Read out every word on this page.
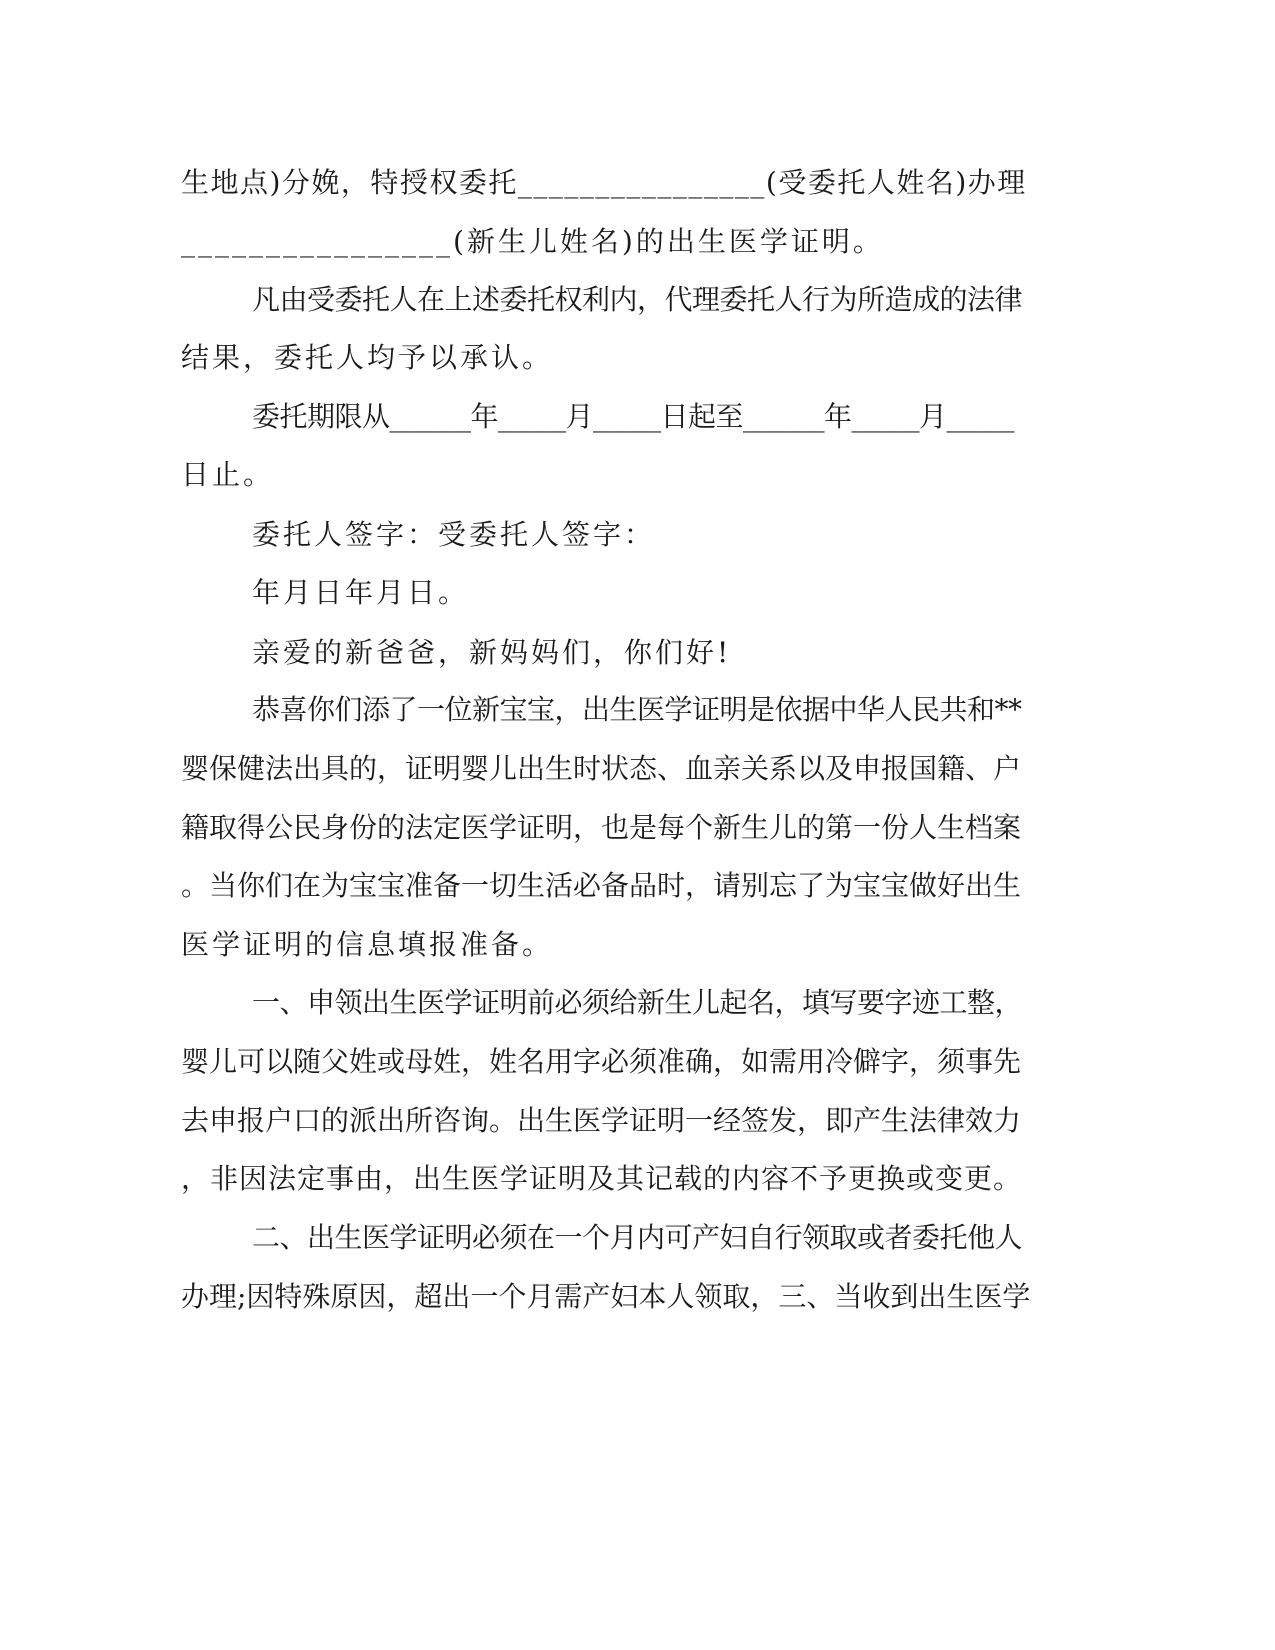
生地点)分娩，特授权委托________________(受委托人姓名)办理
________________(新生儿姓名)的出生医学证明。
凡由受委托人在上述委托权利内，代理委托人行为所造成的法律
结果，委托人均予以承认。
委托期限从______年_____月_____日起至______年_____月_____
日止。
委托人签字：受委托人签字：
年月日年月日。
亲爱的新爸爸，新妈妈们，你们好!
恭喜你们添了一位新宝宝，出生医学证明是依据中华人民共和**
婴保健法出具的，证明婴儿出生时状态、血亲关系以及申报国籍、户
籍取得公民身份的法定医学证明，也是每个新生儿的第一份人生档案
。当你们在为宝宝准备一切生活必备品时，请别忘了为宝宝做好出生
医学证明的信息填报准备。
一、申领出生医学证明前必须给新生儿起名，填写要字迹工整，
婴儿可以随父姓或母姓，姓名用字必须准确，如需用冷僻字，须事先
去申报户口的派出所咨询。出生医学证明一经签发，即产生法律效力
，非因法定事由，出生医学证明及其记载的内容不予更换或变更。
二、出生医学证明必须在一个月内可产妇自行领取或者委托他人
办理;因特殊原因，超出一个月需产妇本人领取，三、当收到出生医学
